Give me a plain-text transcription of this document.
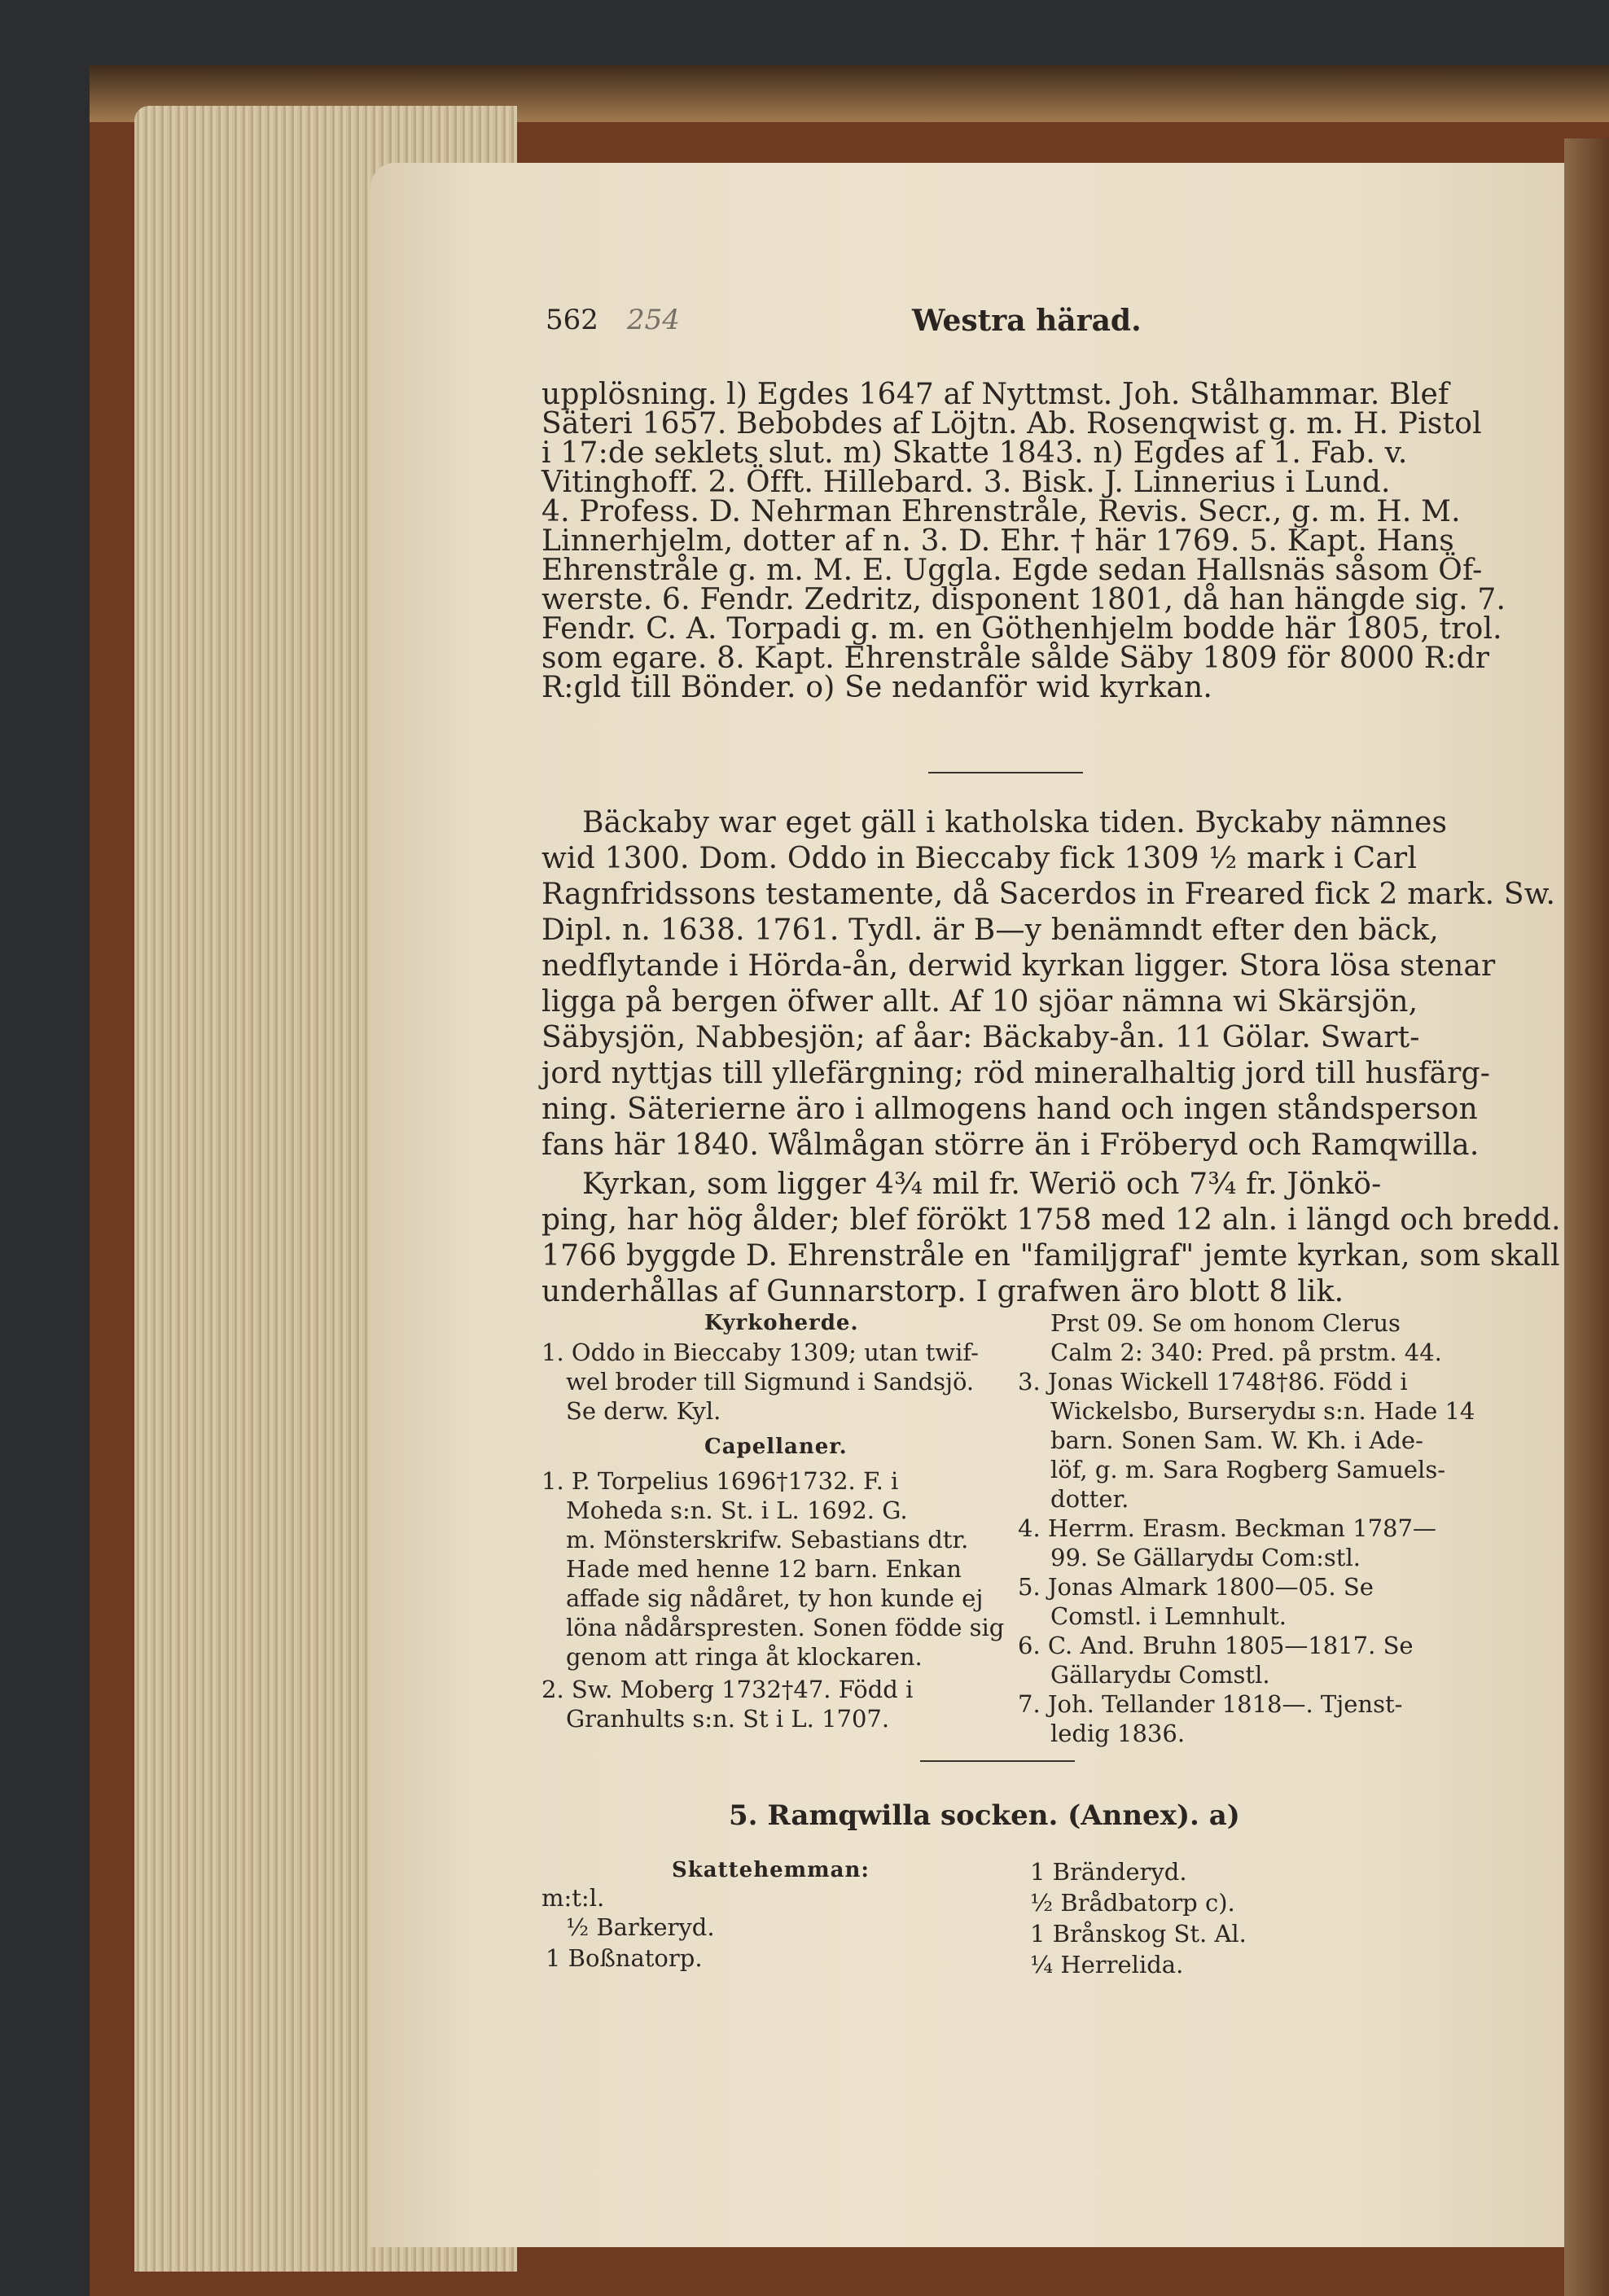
562 254	Westra härad.
upplösning. l) Egdes 1647 af Nyttmst. Joh. Stålhammar. Blef
Säteri 1657. Bebobdes af Löjtn. Ab. Rosenqwist g. m. H. Pistol
i 17:de seklets slut. m) Skatte 1843. n) Egdes af 1. Fab. v.
Vitinghoff. 2. Öfft. Hillebard. 3. Bisk. J. Linnerius i Lund.
4. Profess. D. Nehrman Ehrenstråle, Revis. Secr., g. m. H. M.
Linnerhjelm, dotter af n. 3. D. Ehr. † här 1769. 5. Kapt. Hans
Ehrenstråle g. m. M. E. Uggla. Egde sedan Hallsnäs såsom Öf-
werste. 6. Fendr. Zedritz, disponent 1801, då han hängde sig. 7.
Fendr. C. A. Torpadi g. m. en Göthenhjelm bodde här 1805, trol.
som egare. 8. Kapt. Ehrenstråle sålde Säby 1809 för 8000 R:dr
R:gld till Bönder. o) Se nedanför wid kyrkan.
Bäckaby war eget gäll i katholska tiden. Byckaby nämnes
wid 1300. Dom. Oddo in Bieccaby fick 1309 ½ mark i Carl
Ragnfridssons testamente, då Sacerdos in Freared fick 2 mark. Sw.
Dipl. n. 1638. 1761. Tydl. är B—y benämndt efter den bäck,
nedflytande i Hörda-ån, derwid kyrkan ligger. Stora lösa stenar
ligga på bergen öfwer allt. Af 10 sjöar nämna wi Skärsjön,
Säbysjön, Nabbesjön; af åar: Bäckaby-ån. 11 Gölar. Swart-
jord nyttjas till yllefärgning; röd mineralhaltig jord till husfärg-
ning. Säterierne äro i allmogens hand och ingen ståndsperson
fans här 1840. Wålmågan större än i Fröberyd och Ramqwilla.
Kyrkan, som ligger 4¾ mil fr. Weriö och 7¾ fr. Jönkö-
ping, har hög ålder; blef förökt 1758 med 12 aln. i längd och bredd.
1766 byggde D. Ehrenstråle en "familjgraf" jemte kyrkan, som skall
underhållas af Gunnarstorp. I grafwen äro blott 8 lik.
Kyrkoherde.
1. Oddo in Bieccaby 1309; utan twif-
wel broder till Sigmund i Sandsjö.
Se derw. Kyl.
Capellaner.
1. P. Torpelius 1696†1732. F. i
Moheda s:n. St. i L. 1692. G.
m. Mönsterskrifw. Sebastians dtr.
Hade med henne 12 barn. Enkan
affade sig nådåret, ty hon kunde ej
löna nådårspresten. Sonen födde sig
genom att ringa åt klockaren.
2. Sw. Moberg 1732†47. Född i
Granhults s:n. St i L. 1707.
Prst 09. Se om honom Clerus
Calm 2: 340: Pred. på prstm. 44.
3. Jonas Wickell 1748†86. Född i
Wickelsbo, Burserydы s:n. Hade 14
barn. Sonen Sam. W. Kh. i Ade-
löf, g. m. Sara Rogberg Samuels-
dotter.
4. Herrm. Erasm. Beckman 1787—
99. Se Gällarydы Com:stl.
5. Jonas Almark 1800—05. Se
Comstl. i Lemnhult.
6. C. And. Bruhn 1805—1817. Se
Gällarydы Comstl.
7. Joh. Tellander 1818—. Tjenst-
ledig 1836.
5. Ramqwilla socken. (Annex). a)
Skattehemman:
m:t:l.
½ Barkeryd.
1 Boßnatorp.
1 Bränderyd.
½ Brådbatorp c).
1 Brånskog St. Al.
¼ Herrelida.
